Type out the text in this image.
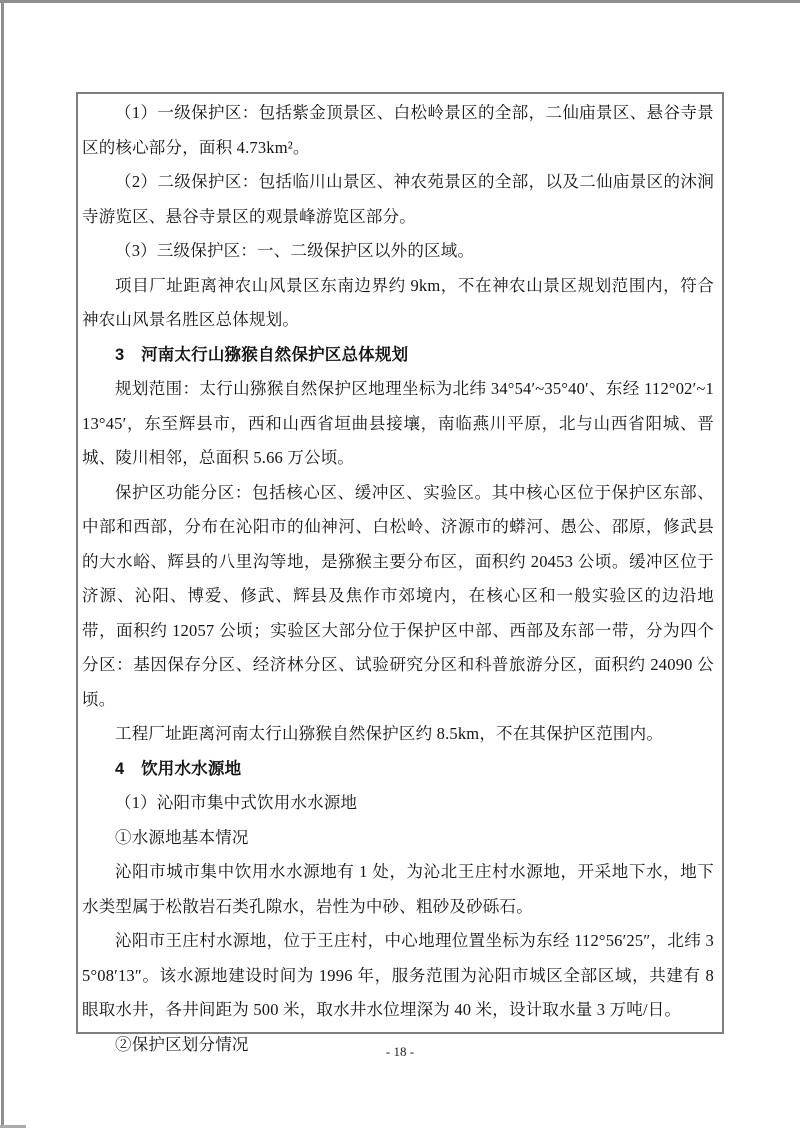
（1）一级保护区：包括紫金顶景区、白松岭景区的全部，二仙庙景区、悬谷寺景区的核心部分，面积 4.73km²。

（2）二级保护区：包括临川山景区、神农苑景区的全部，以及二仙庙景区的沐涧寺游览区、悬谷寺景区的观景峰游览区部分。

（3）三级保护区：一、二级保护区以外的区域。

项目厂址距离神农山风景区东南边界约 9km，不在神农山景区规划范围内，符合神农山风景名胜区总体规划。

3　河南太行山猕猴自然保护区总体规划

规划范围：太行山猕猴自然保护区地理坐标为北纬 34°54′~35°40′、东经 112°02′~113°45′，东至辉县市，西和山西省垣曲县接壤，南临燕川平原，北与山西省阳城、晋城、陵川相邻，总面积 5.66 万公顷。

保护区功能分区：包括核心区、缓冲区、实验区。其中核心区位于保护区东部、中部和西部，分布在沁阳市的仙神河、白松岭、济源市的蟒河、愚公、邵原，修武县的大水峪、辉县的八里沟等地，是猕猴主要分布区，面积约 20453 公顷。缓冲区位于济源、沁阳、博爱、修武、辉县及焦作市郊境内，在核心区和一般实验区的边沿地带，面积约 12057 公顷；实验区大部分位于保护区中部、西部及东部一带，分为四个分区：基因保存分区、经济林分区、试验研究分区和科普旅游分区，面积约 24090 公顷。

工程厂址距离河南太行山猕猴自然保护区约 8.5km，不在其保护区范围内。

4　饮用水水源地

（1）沁阳市集中式饮用水水源地

①水源地基本情况

沁阳市城市集中饮用水水源地有 1 处，为沁北王庄村水源地，开采地下水，地下水类型属于松散岩石类孔隙水，岩性为中砂、粗砂及砂砾石。

沁阳市王庄村水源地，位于王庄村，中心地理位置坐标为东经 112°56′25″，北纬 35°08′13″。该水源地建设时间为 1996 年，服务范围为沁阳市城区全部区域，共建有 8 眼取水井，各井间距为 500 米，取水井水位埋深为 40 米，设计取水量 3 万吨/日。

②保护区划分情况	- 18 -
